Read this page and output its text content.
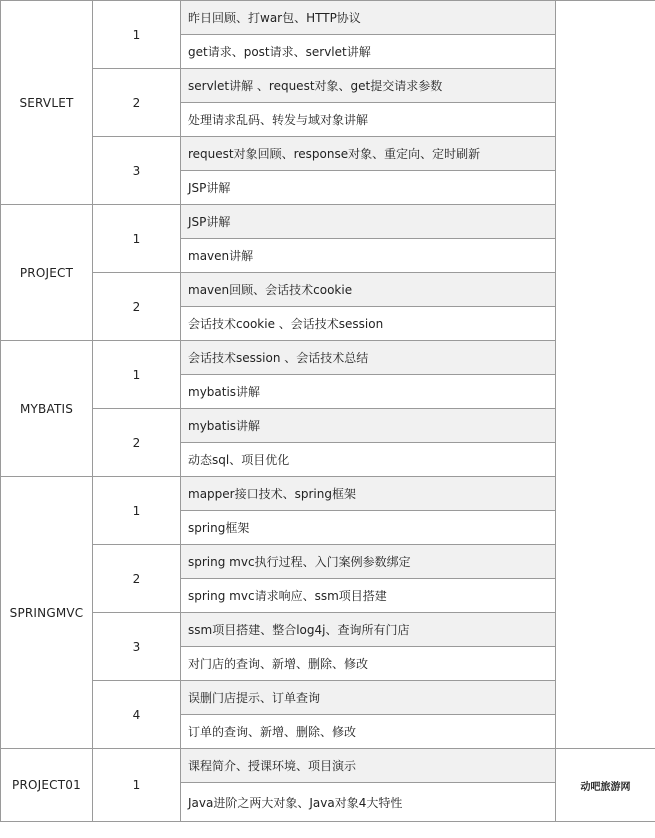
SERVLET	1	昨日回顾、打war包、HTTP协议	
		get请求、post请求、servlet讲解	
	2	servlet讲解 、request对象、get提交请求参数	
		处理请求乱码、转发与域对象讲解	
	3	request对象回顾、response对象、重定向、定时刷新	
		JSP讲解	
PROJECT	1	JSP讲解	
		maven讲解	
	2	maven回顾、会话技术cookie	
		会话技术cookie 、会话技术session	
MYBATIS	1	会话技术session 、会话技术总结	
		mybatis讲解	
	2	mybatis讲解	
		动态sql、项目优化	
SPRINGMVC	1	mapper接口技术、spring框架	
		spring框架	
	2	spring mvc执行过程、入门案例参数绑定	
		spring mvc请求响应、ssm项目搭建	
	3	ssm项目搭建、整合log4j、查询所有门店	
		对门店的查询、新增、删除、修改	
	4	误删门店提示、订单查询	
		订单的查询、新增、删除、修改	
PROJECT01	1	课程简介、授课环境、项目演示	动吧旅游网
		Java进阶之两大对象、Java对象4大特性	
